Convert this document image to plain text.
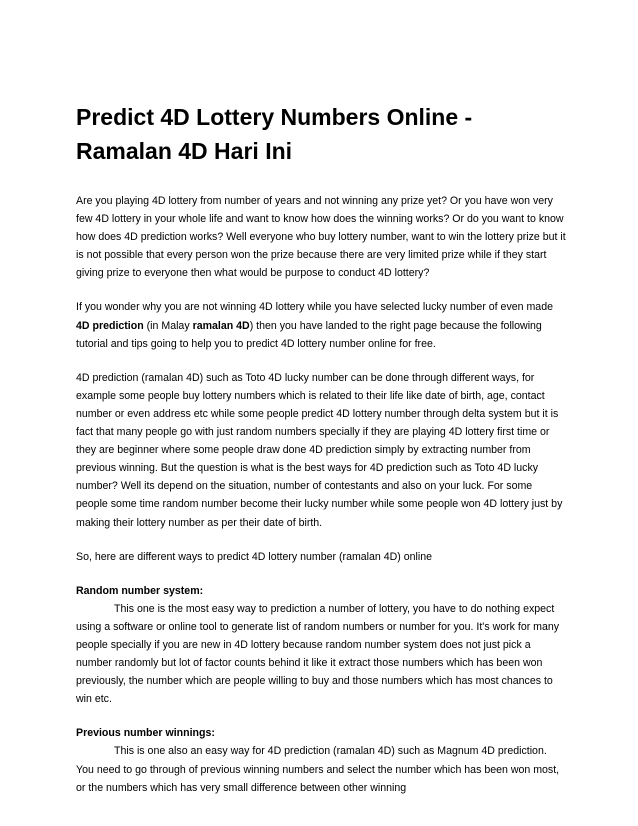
Predict 4D Lottery Numbers Online - Ramalan 4D Hari Ini

Are you playing 4D lottery from number of years and not winning any prize yet? Or you have won very few 4D lottery in your whole life and want to know how does the winning works? Or do you want to know how does 4D prediction works? Well everyone who buy lottery number, want to win the lottery prize but it is not possible that every person won the prize because there are very limited prize while if they start giving prize to everyone then what would be purpose to conduct 4D lottery?

If you wonder why you are not winning 4D lottery while you have selected lucky number of even made 4D prediction (in Malay ramalan 4D) then you have landed to the right page because the following tutorial and tips going to help you to predict 4D lottery number online for free.

4D prediction (ramalan 4D) such as Toto 4D lucky number can be done through different ways, for example some people buy lottery numbers which is related to their life like date of birth, age, contact number or even address etc while some people predict 4D lottery number through delta system but it is fact that many people go with just random numbers specially if they are playing 4D lottery first time or they are beginner where some people draw done 4D prediction simply by extracting number from previous winning. But the question is what is the best ways for 4D prediction such as Toto 4D lucky number? Well its depend on the situation, number of contestants and also on your luck. For some people some time random number become their lucky number while some people won 4D lottery just by making their lottery number as per their date of birth.

So, here are different ways to predict 4D lottery number (ramalan 4D) online

Random number system:

This one is the most easy way to prediction a number of lottery, you have to do nothing expect using a software or online tool to generate list of random numbers or number for you. It's work for many people specially if you are new in 4D lottery because random number system does not just pick a number randomly but lot of factor counts behind it like it extract those numbers which has been won previously, the number which are people willing to buy and those numbers which has most chances to win etc.

Previous number winnings:

This is one also an easy way for 4D prediction (ramalan 4D) such as Magnum 4D prediction. You need to go through of previous winning numbers and select the number which has been won most, or the numbers which has very small difference between other winning
